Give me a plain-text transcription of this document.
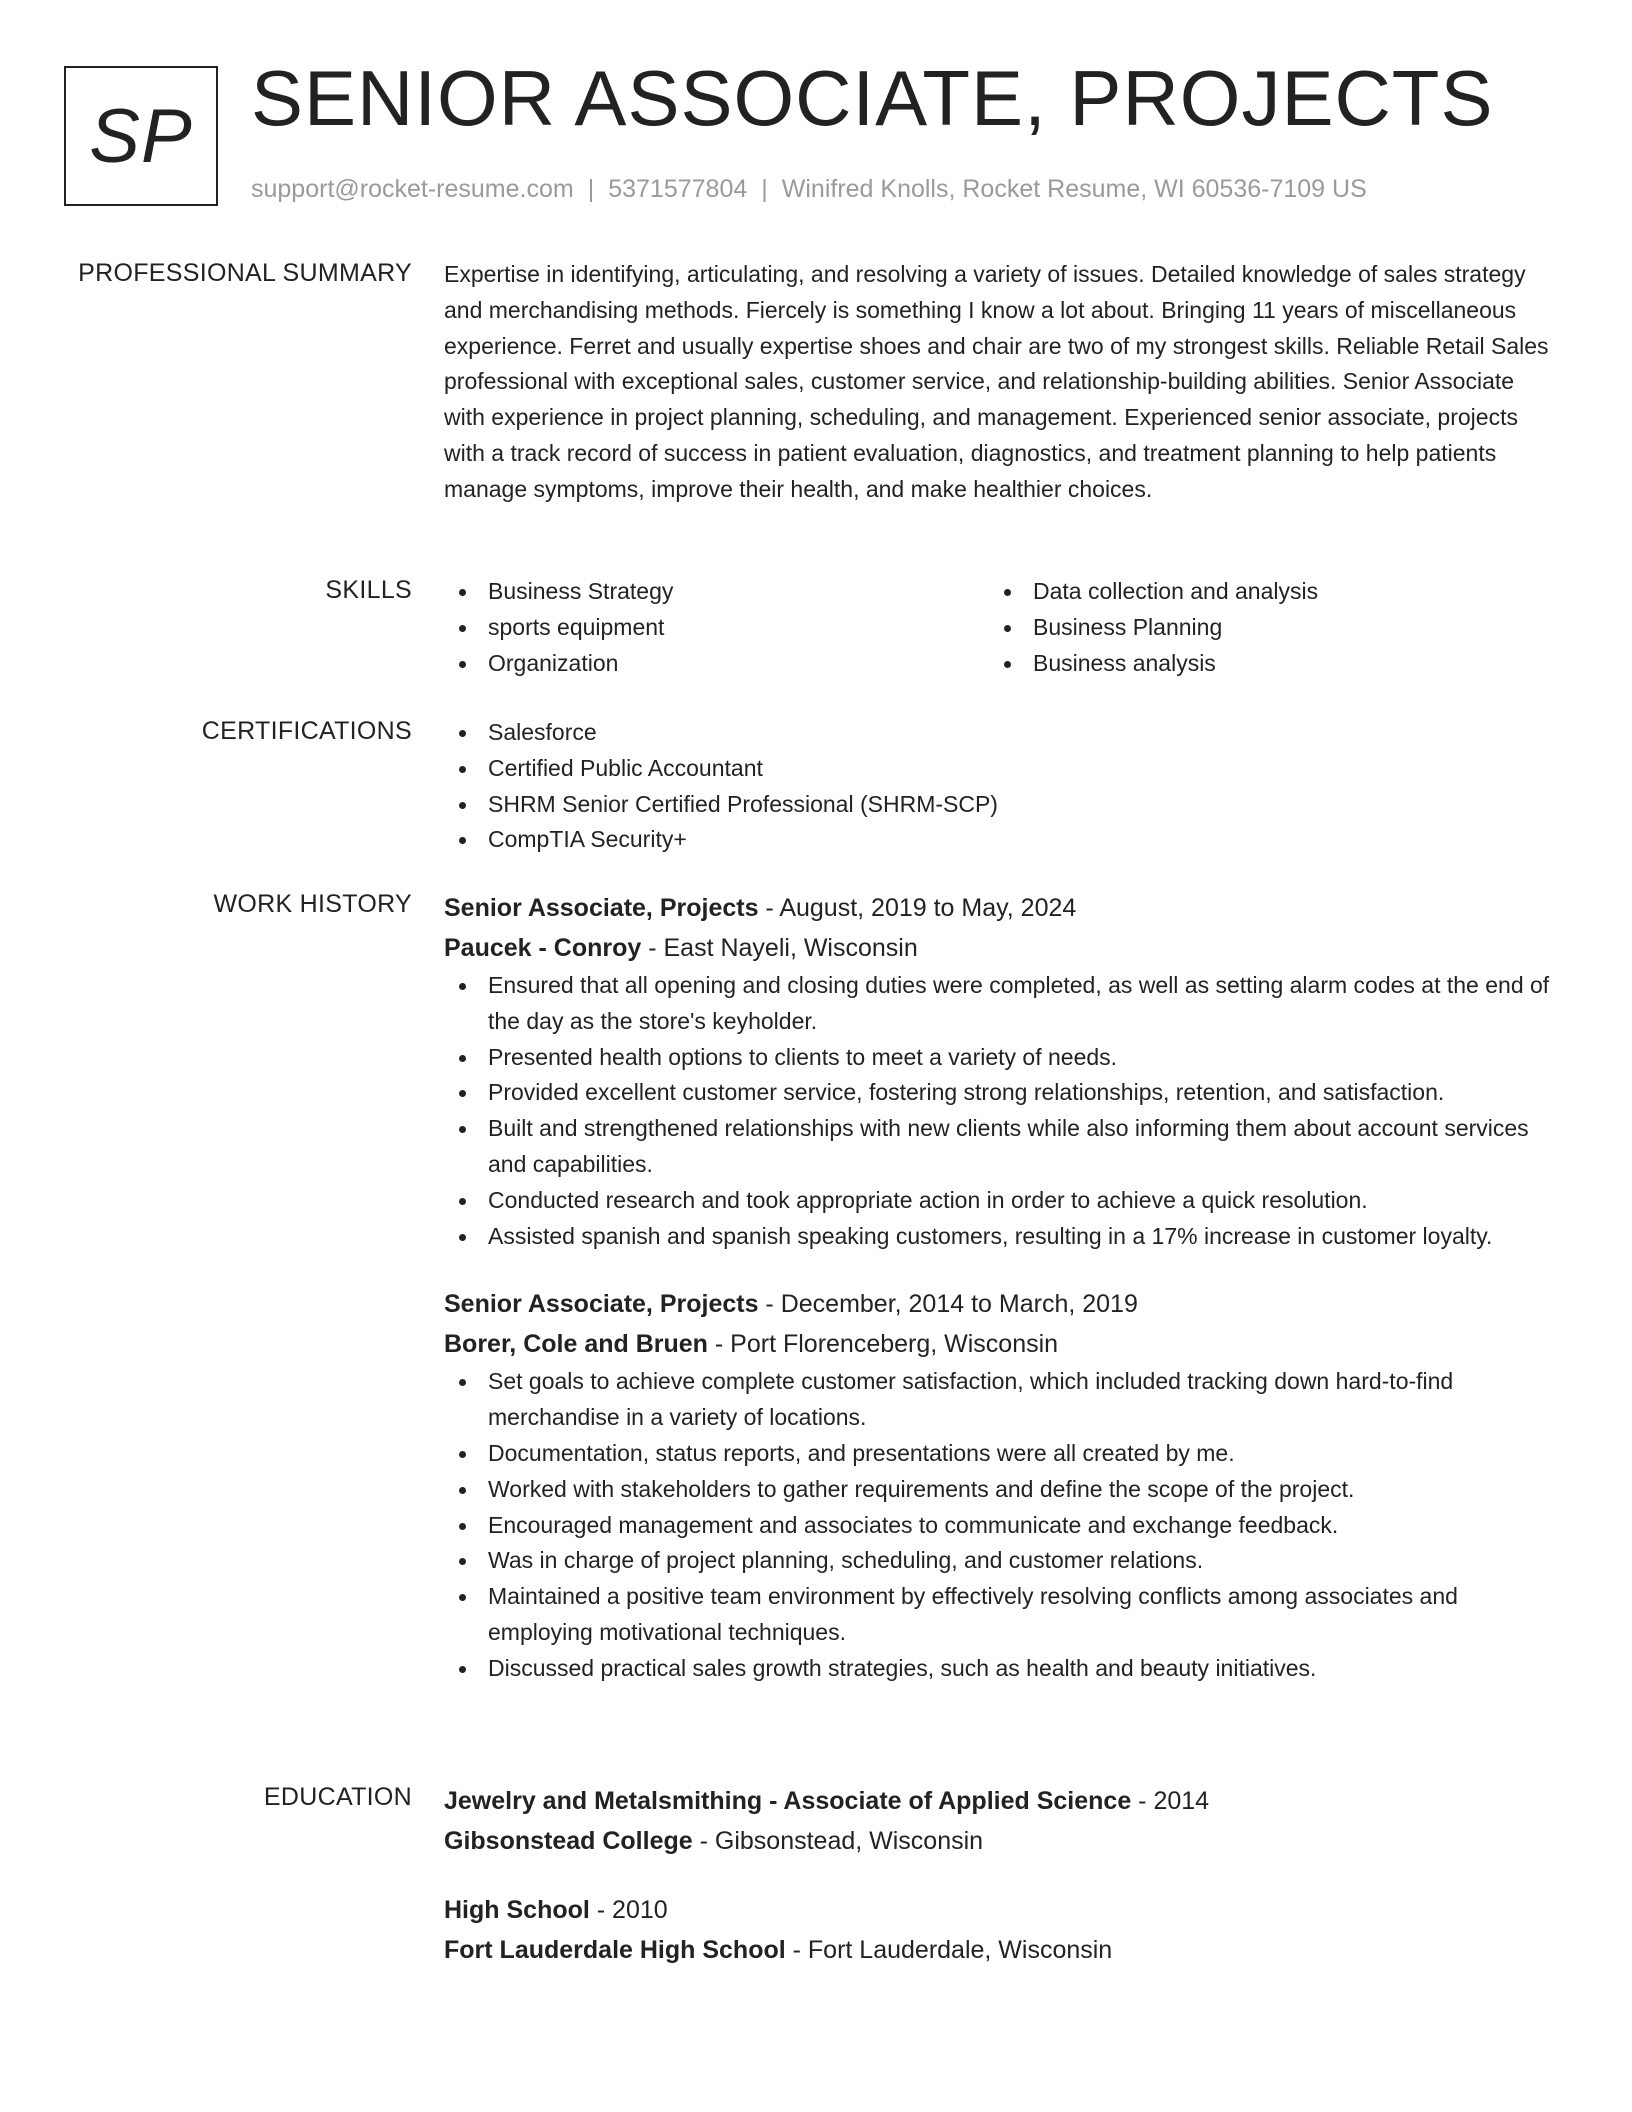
SP SENIOR ASSOCIATE, PROJECTS
support@rocket-resume.com | 5371577804 | Winifred Knolls, Rocket Resume, WI 60536-7109 US
PROFESSIONAL SUMMARY Expertise in identifying, articulating, and resolving a variety of issues. Detailed knowledge of sales strategy and merchandising methods. Fiercely is something I know a lot about. Bringing 11 years of miscellaneous experience. Ferret and usually expertise shoes and chair are two of my strongest skills. Reliable Retail Sales professional with exceptional sales, customer service, and relationship-building abilities. Senior Associate with experience in project planning, scheduling, and management. Experienced senior associate, projects with a track record of success in patient evaluation, diagnostics, and treatment planning to help patients manage symptoms, improve their health, and make healthier choices.

SKILLS	Business Strategy
sports equipment
Organization
Data collection and analysis
Business Planning
Business analysis
CERTIFICATIONS	Salesforce
Certified Public Accountant
SHRM Senior Certified Professional (SHRM-SCP)
CompTIA Security+
WORK HISTORY Senior Associate, Projects - August, 2019 to May, 2024
Paucek - Conroy - East Nayeli, Wisconsin
Ensured that all opening and closing duties were completed, as well as setting alarm codes at the end of the day as the store's keyholder.
Presented health options to clients to meet a variety of needs.
Provided excellent customer service, fostering strong relationships, retention, and satisfaction.
Built and strengthened relationships with new clients while also informing them about account services and capabilities.
Conducted research and took appropriate action in order to achieve a quick resolution.
Assisted spanish and spanish speaking customers, resulting in a 17% increase in customer loyalty.
Senior Associate, Projects - December, 2014 to March, 2019
Borer, Cole and Bruen - Port Florenceberg, Wisconsin
Set goals to achieve complete customer satisfaction, which included tracking down hard-to-find merchandise in a variety of locations.
Documentation, status reports, and presentations were all created by me.
Worked with stakeholders to gather requirements and define the scope of the project.
Encouraged management and associates to communicate and exchange feedback.
Was in charge of project planning, scheduling, and customer relations.
Maintained a positive team environment by effectively resolving conflicts among associates and employing motivational techniques.
Discussed practical sales growth strategies, such as health and beauty initiatives.
EDUCATION Jewelry and Metalsmithing - Associate of Applied Science - 2014
Gibsonstead College - Gibsonstead, Wisconsin
High School - 2010
Fort Lauderdale High School - Fort Lauderdale, Wisconsin
